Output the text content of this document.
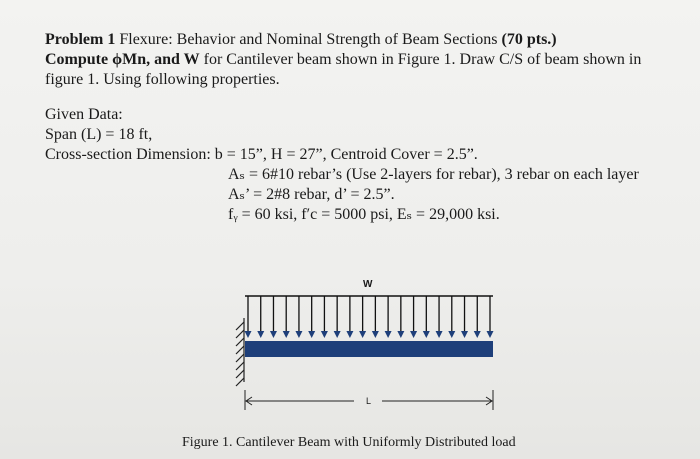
Problem 1 Flexure: Behavior and Nominal Strength of Beam Sections (70 pts.)
Compute ϕMn, and W for Cantilever beam shown in Figure 1. Draw C/S of beam shown in
figure 1. Using following properties.
Given Data:
Span (L) = 18 ft,
Cross-section Dimension: b = 15”, H = 27”, Centroid Cover = 2.5”.
Aₛ = 6#10 rebar’s (Use 2-layers for rebar), 3 rebar on each layer
Aₛ’ = 2#8 rebar, d’ = 2.5”.
fᵧ = 60 ksi, f′c = 5000 psi, Eₛ = 29,000 ksi.
W
L
Figure 1. Cantilever Beam with Uniformly Distributed load
